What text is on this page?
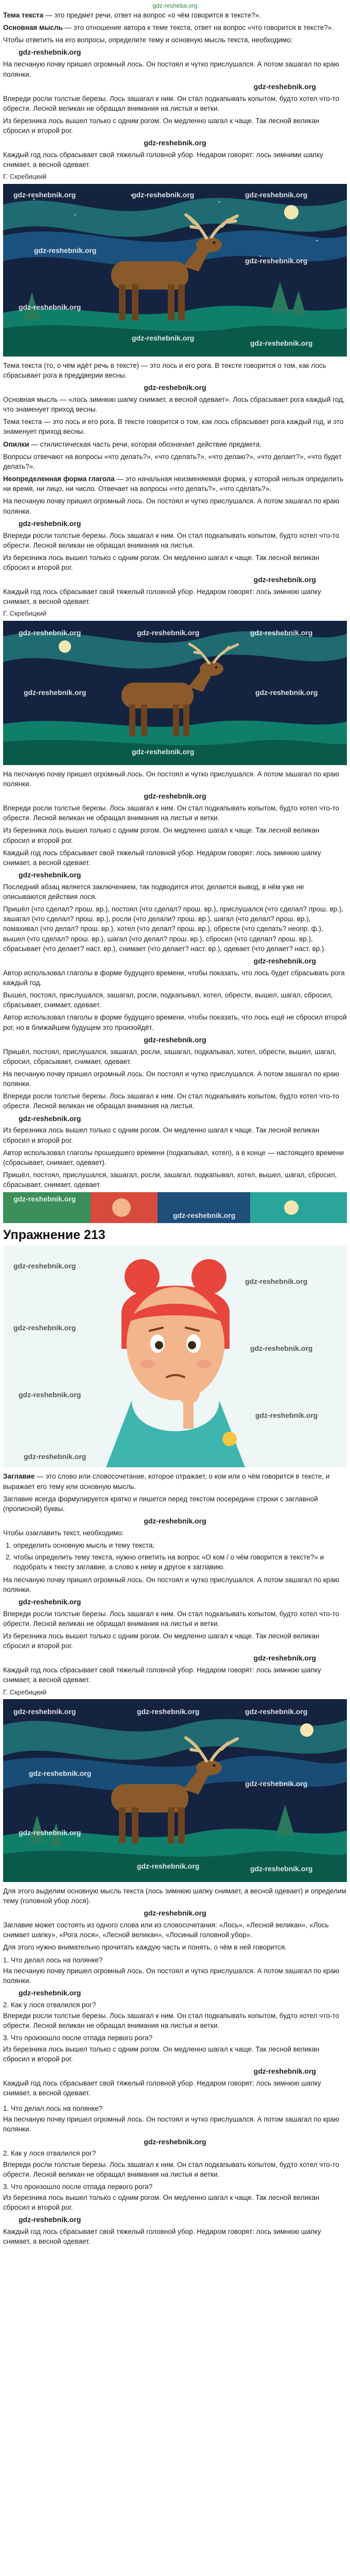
gdz-resheba.org

Тема текста — это предмет речи, ответ на вопрос «о чём говорится в тексте?».

Основная мысль — это отношение автора к теме текста, ответ на вопрос «что говорится в тексте?».

Чтобы ответить на его вопросы, определите тему и основную мысль текста, необходимо:

gdz-reshebnik.org

На песчаную почву пришел огромный лось. Он постоял и чутко прислушался. А потом зашагал по краю полянки.

gdz-reshebnik.org

Впереди росли толстые березы. Лось зашагал к ним. Он стал подкапывать копытом, будто хотел что-то обрести. Лесной великан не обращал внимания на листья и ветки.

Из березника лось вышел только с одним рогом. Он медленно шагал к чаще. Так лесной великан сбросил и второй рог.

gdz-reshebnik.org

Каждый год лось сбрасывает свой тяжелый головной убор. Недаром говорят: лось зимними шапку снимает, а весной одевает.

Г. Скребицкий
gdz-reshebnik.org	gdz-reshebnik.org	gdz-reshebnik.org
gdz-reshebnik.org
gdz-reshebnik.org
gdz-reshebnik.org
gdz-reshebnik.org
gdz-reshebnik.org

Тема текста (то, о чём идёт речь в тексте) — это лось и его рога. В тексте говорится о том, как лось сбрасывает рога в преддверии весны.

gdz-reshebnik.org

Основная мысль — «лось зимнюю шапку снимает, а весной одевает». Лось сбрасывает рога каждый год, что знаменует приход весны.

Тема текста — это лось и его рога. В тексте говорится о том, как лось сбрасывает рога каждый год, и это знаменует приход весны.

Опилки — стилистическая часть речи, которая обозначает действие предмета.

Вопросы отвечают на вопросы «что делать?», «что сделать?», «что делаю?», «что делает?», «что будет делать?».

Неопределенная форма глагола — это начальная неизменяемая форма, у которой нельзя определить ни время, ни лицо, ни число. Отвечает на вопросы «что делать?», «что сделать?».

На песчаную почву пришел огромный лось. Он постоял и чутко прислушался. А потом зашагал по краю полянки.

gdz-reshebnik.org

Впереди росли толстые березы. Лось зашагал к ним. Он стал подкапывать копытом, будто хотел что-то обрести. Лесной великан не обращал внимания на листья.

Из березника лось вышел только с одним рогом. Он медленно шагал к чаще. Так лесной великан сбросил и второй рог.

gdz-reshebnik.org

Каждый год лось сбрасывает свой тяжелый головной убор. Недаром говорят: лось зимнюю шапку снимает, а весной одевает.

Г. Скребицкий
gdz-reshebnik.org	gdz-reshebnik.org	gdz-reshebnik.org
gdz-reshebnik.org	gdz-reshebnik.org
gdz-reshebnik.org

На песчаную почву пришел огромный лось. Он постоял и чутко прислушался. А потом зашагал по краю полянки.

gdz-reshebnik.org

Впереди росли толстые березы. Лось зашагал к ним. Он стал подкапывать копытом, будто хотел что-то обрести. Лесной великан не обращал внимания на листья и ветки.

Из березника лось вышел только с одним рогом. Он медленно шагал к чаще. Так лесной великан сбросил и второй рог.

Каждый год лось сбрасывает свой тяжелый головной убор. Недаром говорят: лось зимнюю шапку снимает, а весной одевает.

gdz-reshebnik.org

Последний абзац является заключением, так подводится итог, делается вывод, в нём уже не описываются действия лося.

Пришёл (что сделал? прош. вр.), постоял (что сделал? прош. вр.), прислушался (что сделал? прош. вр.), зашагал (что сделал? прош. вр.), росли (что делали? прош. вр.), шагал (что делал? прош. вр.), помахивал (что делал? прош. вр.), хотел (что делал? прош. вр.), обрести (что сделать? неопр. ф.), вышел (что сделал? прош. вр.), шагал (что делал? прош. вр.), сбросил (что сделал? прош. вр.), сбрасывает (что делает? наст. вр.), снимает (что делает? наст. вр.), одевает (что делает? наст. вр.).

gdz-reshebnik.org

Автор использовал глаголы в форме будущего времени, чтобы показать, что лось будет сбрасывать рога каждый год.

Вышел, постоял, прислушался, зашагал, росли, подкапывал, хотел, обрести, вышел, шагал, сбросил, сбрасывает, снимает, одевает.

Автор использовал глаголы в форме будущего времени, чтобы показать, что лось ещё не сбросил второй рог, но в ближайшем будущем это произойдёт.

gdz-reshebnik.org

Пришёл, постоял, прислушался, зашагал, росли, зашагал, подкапывал, хотел, обрести, вышел, шагал, сбросил, сбрасывает, снимает, одевает.

На песчаную почву пришел огромный лось. Он постоял и чутко прислушался. А потом зашагал по краю полянки.

Впереди росли толстые березы. Лось зашагал к ним. Он стал подкапывать копытом, будто хотел что-то обрести. Лесной великан не обращал внимания на листья.

gdz-reshebnik.org

Из березника лось вышел только с одним рогом. Он медленно шагал к чаще. Так лесной великан сбросил и второй рог.

Автор использовал глаголы прошедшего времени (подкапывал, хотел), а в конце — настоящего времени (сбрасывает, снимает, одевает).

Пришёл, постоял, прислушался, зашагал, росли, зашагал, подкапывал, хотел, вышел, шагал, сбросил, сбрасывает, снимает, одевает.

gdz-reshebnik.org
gdz-reshebnik.org
Упражнение 213
gdz-reshebnik.org
gdz-reshebnik.org
gdz-reshebnik.org
gdz-reshebnik.org
gdz-reshebnik.org
gdz-reshebnik.org
gdz-reshebnik.org

Заглавие — это слово или словосочетание, которое отражает, о ком или о чём говорится в тексте, и выражает его тему или основную мысль.

Заглавие всегда формулируется кратко и пишется перед текстом посередине строки с заглавной (прописной) буквы.

gdz-reshebnik.org

Чтобы озаглавить текст, необходимо:

1. определить основную мысль и тему текста;
2. чтобы определить тему текста, нужно ответить на вопрос «О ком / о чём говорится в тексте?» и подобрать к тексту заглавие, а слово к нему и другое к заглавию.

На песчаную почву пришел огромный лось. Он постоял и чутко прислушался. А потом зашагал по краю полянки.

gdz-reshebnik.org

Впереди росли толстые березы. Лось зашагал к ним. Он стал подкапывать копытом, будто хотел что-то обрести. Лесной великан не обращал внимания на листья и ветки.

Из березника лось вышел только с одним рогом. Он медленно шагал к чаще. Так лесной великан сбросил и второй рог.

gdz-reshebnik.org

Каждый год лось сбрасывает свой тяжелый головной убор. Недаром говорят: лось зимнюю шапку снимает, а весной одевает.

Г. Скребицкий
gdz-reshebnik.org	gdz-reshebnik.org	gdz-reshebnik.org
gdz-reshebnik.org
gdz-reshebnik.org
gdz-reshebnik.org
gdz-reshebnik.org	gdz-reshebnik.org

Для этого выделим основную мысль текста (лось зимнюю шапку снимает, а весной одевает) и определим тему (головной убор лося).

gdz-reshebnik.org

Заглавие может состоять из одного слова или из словосочетания: «Лось», «Лесной великан», «Лось снимает шапку», «Рога лося», «Лесной великан», «Лосиный головной убор».

Для этого нужно внимательно прочитать каждую часть и понять, о чём в ней говорится.

1. Что делал лось на полянке?

На песчаную почву пришел огромный лось. Он постоял и чутко прислушался. А потом зашагал по краю полянки.

gdz-reshebnik.org

2. Как у лося отвалился рог?

Впереди росли толстые березы. Лось зашагал к ним. Он стал подкапывать копытом, будто хотел что-то обрести. Лесной великан не обращал внимания на листья и ветки.

3. Что произошло после отпада первого рога?

Из березника лось вышел только с одним рогом. Он медленно шагал к чаще. Так лесной великан сбросил и второй рог.

gdz-reshebnik.org

Каждый год лось сбрасывает свой тяжелый головной убор. Недаром говорят: лось зимнюю шапку снимает, а весной одевает.

1. Что делал лось на полянке?

На песчаную почву пришел огромный лось. Он постоял и чутко прислушался. А потом зашагал по краю полянки.

gdz-reshebnik.org

2. Как у лося отвалился рог?

Впереди росли толстые березы. Лось зашагал к ним. Он стал подкапывать копытом, будто хотел что-то обрести. Лесной великан не обращал внимания на листья и ветки.

3. Что произошло после отпада первого рога?

Из березника лось вышел только с одним рогом. Он медленно шагал к чаще. Так лесной великан сбросил и второй рог.

gdz-reshebnik.org

Каждый год лось сбрасывает свой тяжелый головной убор. Недаром говорят: лось зимнюю шапку снимает, а весной одевает.
